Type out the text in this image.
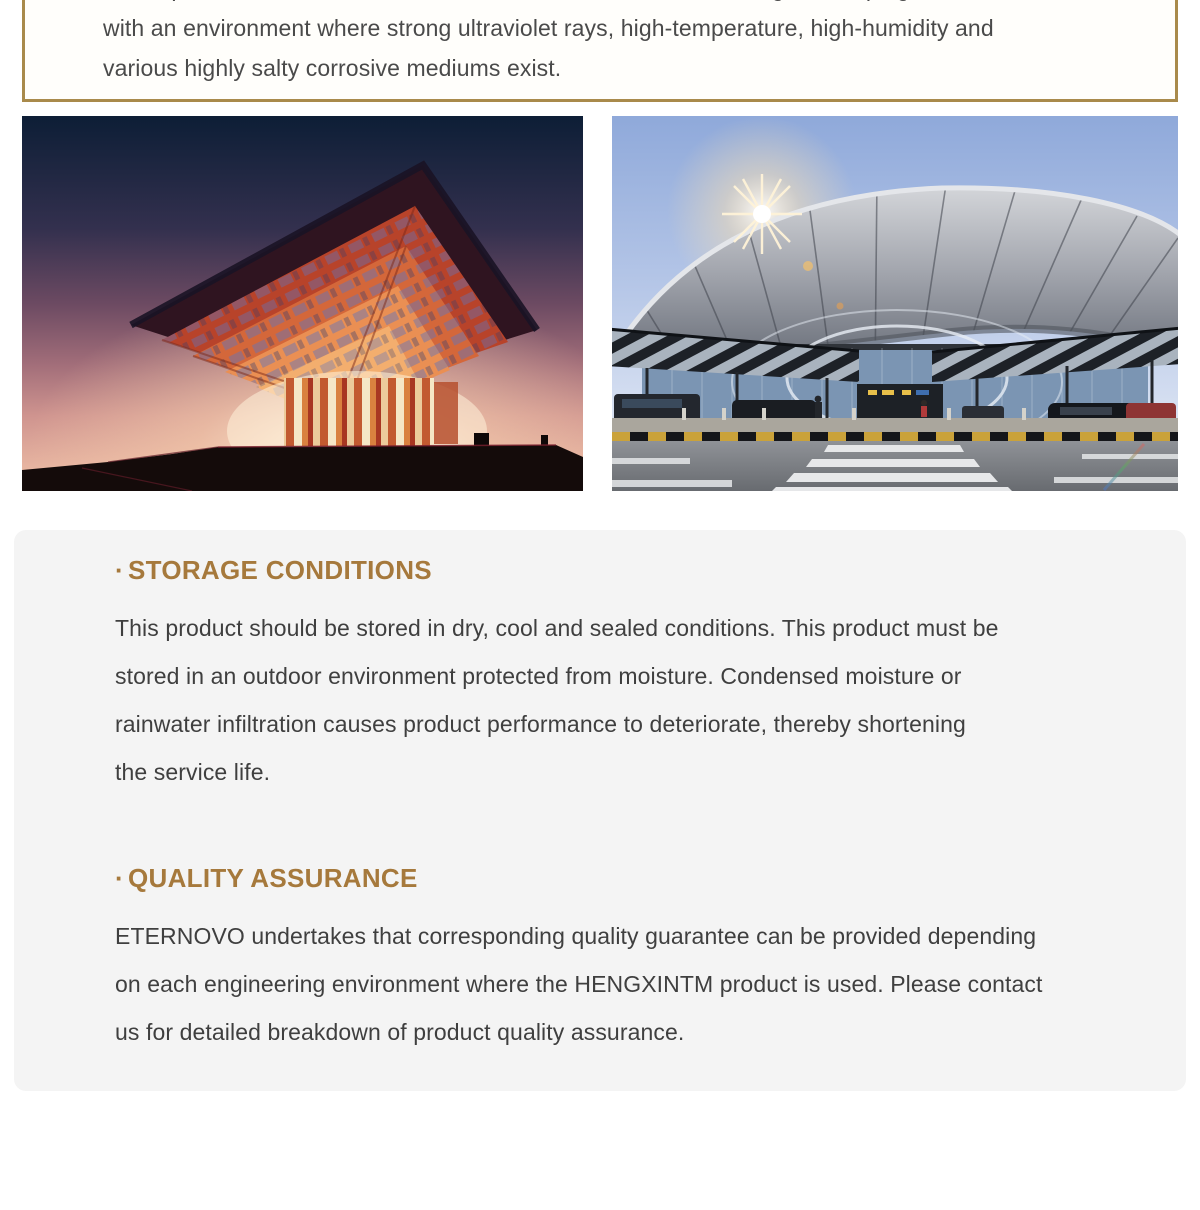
with an environment where strong ultraviolet rays, high-temperature, high-humidity and
various highly salty corrosive mediums exist.
· STORAGE CONDITIONS
This product should be stored in dry, cool and sealed conditions. This product must be
stored in an outdoor environment protected from moisture. Condensed moisture or
rainwater infiltration causes product performance to deteriorate, thereby shortening
the service life.
· QUALITY ASSURANCE
ETERNOVO undertakes that corresponding quality guarantee can be provided depending
on each engineering environment where the HENGXINTM product is used. Please contact
us for detailed breakdown of product quality assurance.
